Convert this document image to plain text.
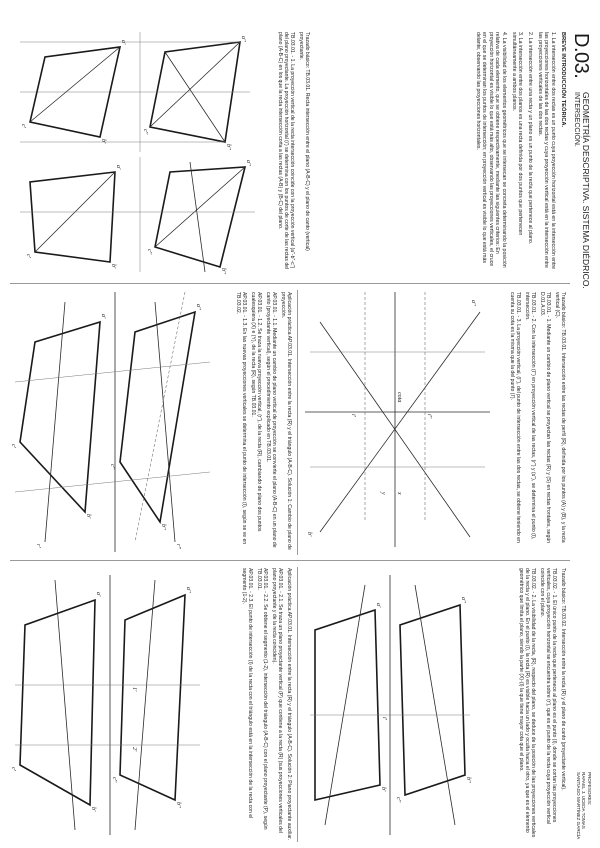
D.03.
GEOMETRÍA DESCRIPTIVA. SISTEMA DIÉDRICO.
INTERSECCIÓN.
PROFESORES:
RAFAEL J. UCEDA TOMAS
SANTIAGO MARTÍNEZ GARCÍA
BREVE INTRODUCCIÓN TEÓRICA.

1. La intersección entre dos rectas es un punto cuya proyección horizontal está en la intersección entre las proyecciones horizontales de las dos rectas y cuya proyección vertical está en la intersección entre las proyecciones verticales de las dos rectas.

2. La intersección entre una recta y un plano es un punto de la recta que pertenece al plano.

3. La intersección entre dos planos es una recta definida por dos puntos que pertenecen simultáneamente a ambos planos.

4. La visibilidad de los elementos geométricos que se intersecan se concreta determinando la posición relativa de cada elemento, que se obtiene respectivamente, mediante las siguientes criterios: En proyección horizontal es visible lo que está más alto, observando las proyecciones verticales, el cruce en el que se determinan los puntos de intersección; en proyección vertical es visible lo que está más delante, observando las proyecciones horizontales.

Trazado básico: TB.03.01. Recta intersección entre el plano (A-B-C) y el plano de canto (vertical) proyectante.

TB.03.01. - 1. La proyección vertical de la recta intersección coincide con la proyección vertical (a''-b''-c'') del plano proyectante. La proyección horizontal (i') se determina con los puntos de corte de las rectas del plano (A-B-C) en los que la recta intersección corta a las rectas (A-B) y (B-C) del plano.

a''
b''
c''
a'
b'
c'
a''
b''
c''
a'
b'
c'

Trazado básico: TB.03.01. Intersección entre las rectas de perfil (R), definida por los puntos (A) y (B), y la recta vertical (C).

TB.03.01. - 1. Mediante un cambio de plano vertical se proyectan las rectas (R) y (S) en rectas frontales, según D.01.A.03.

TB.03.01. - 2. Con la intersección (I'') en proyección vertical de las rectas, (r'') y (s''), se determina el punto (I), intersección.

TB.03.01. - 3. La proyección vertical, (I''), del punto de intersección entre las dos rectas, se obtiene teniendo en cuenta su cota es la misma que la del punto (I').

a''
b'
i''
i'
x
y
cota

Aplicación práctica AP.03.01. Intersección entre la recta (R) y el triángulo (A-B-C). Solución 1: Cambio de plano de proyección.

AP.03.01. - 1.1. Mediante un cambio de plano vertical de proyección se convierte el plano (A-B-C) en un plano de canto (proyectante vertical), según el procedimiento explicado en TB.03.01.

AP.03.01. - 1.2. Se traza la nueva proyección vertical, (r''), de la recta (R), cambiando de plano dos puntos cualesquiera (X) e (Y), de la recta (R), según TB.03.01.

AP.03.01. - 1.3. En las nuevas proyecciones verticales se determina el punto de intersección (I), según se ve en TB.03.02.

a''
b''
c''
a'
b'
c'
r''
r'

Trazado básico: TB.03.02. Intersección entre la recta (R) y el plano de canto (proyectante vertical).

TB.03.02. - 1. El único punto de la recta que pertenece al plano es el punto (I), donde se cortan las proyecciones verticales, cuya proyección horizontal se encuentra sobre (r'), que es el punto de la recta cuya proyección vertical coincide con el plano.

TB.03.02. - 2. La visibilidad de la recta, (R), respecto del plano, se deduce de la posición de las proyecciones verticales de la recta y el plano. En el punto (I), la recta (R) es visible hacia un lado y oculta hacia el otro, ya que es el elemento geométrico que limita el plano, siendo la parte (X)-(I) la que tiene mayor cota que el plano.

a''
b''
c''
a'
b'
i'

Aplicación práctica AP.03.01. Intersección entre la recta (R) y el triángulo (A-B-C). Solución 2: Plano proyectante auxiliar.

AP.03.01. - 2.1. Se traza un plano proyectante vertical (P) que contiene a la recta (R) (sus proyecciones verticales del plano proyectante y de la recta coinciden).

AP.03.01. - 2.2. Se obtiene el segmento (1-2), intersección del triángulo (A-B-C) con el plano proyectante (P), según TB.03.01.

AP.03.01. - 2.3. El punto de intersección (I) de la recta con el triángulo está en la intersección de la recta con el segmento (1-2).

a''
b''
c''
a'
b'
c'
1'
2'
